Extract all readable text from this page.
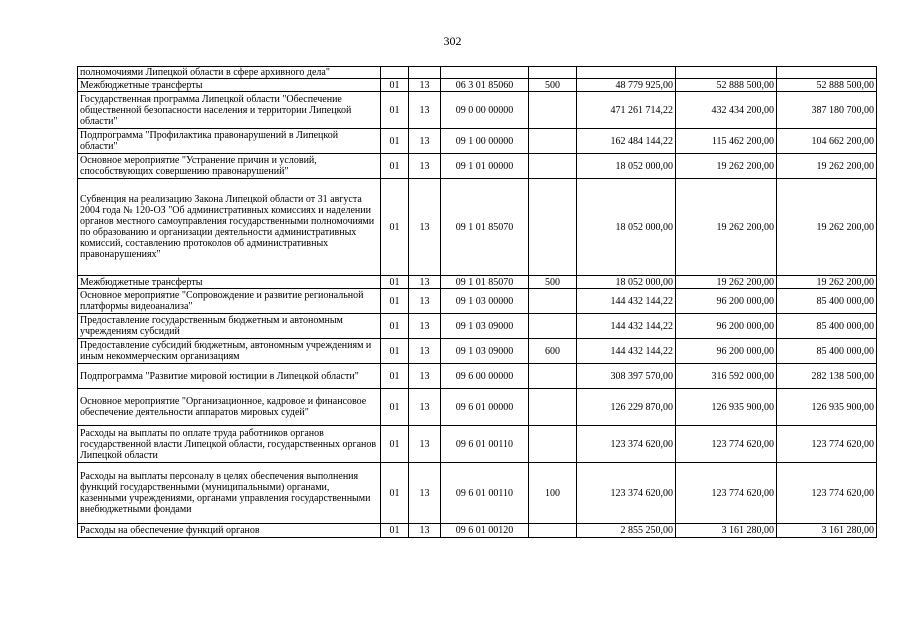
302
полномочиями Липецкой области в сфере архивного дела"							
Межбюджетные трансферты	01	13	06 3 01 85060	500	48 779 925,00	52 888 500,00	52 888 500,00
Государственная программа Липецкой области "Обеспечение общественной безопасности населения и территории Липецкой области"	01	13	09 0 00 00000		471 261 714,22	432 434 200,00	387 180 700,00
Подпрограмма "Профилактика правонарушений в Липецкой области"	01	13	09 1 00 00000		162 484 144,22	115 462 200,00	104 662 200,00
Основное мероприятие "Устранение причин и условий, способствующих совершению правонарушений"	01	13	09 1 01 00000		18 052 000,00	19 262 200,00	19 262 200,00
Субвенция на реализацию Закона Липецкой области от 31 августа 2004 года № 120-ОЗ "Об административных комиссиях и наделении органов местного самоуправления государственными полномочиями по образованию и организации деятельности административных комиссий, составлению протоколов об административных правонарушениях"	01	13	09 1 01 85070		18 052 000,00	19 262 200,00	19 262 200,00
Межбюджетные трансферты	01	13	09 1 01 85070	500	18 052 000,00	19 262 200,00	19 262 200,00
Основное мероприятие "Сопровождение и развитие региональной платформы видеоанализа"	01	13	09 1 03 00000		144 432 144,22	96 200 000,00	85 400 000,00
Предоставление государственным бюджетным и автономным учреждениям субсидий	01	13	09 1 03 09000		144 432 144,22	96 200 000,00	85 400 000,00
Предоставление субсидий бюджетным, автономным учреждениям и иным некоммерческим организациям	01	13	09 1 03 09000	600	144 432 144,22	96 200 000,00	85 400 000,00
Подпрограмма "Развитие мировой юстиции в Липецкой области"	01	13	09 6 00 00000		308 397 570,00	316 592 000,00	282 138 500,00
Основное мероприятие "Организационное, кадровое и финансовое обеспечение деятельности аппаратов мировых судей"	01	13	09 6 01 00000		126 229 870,00	126 935 900,00	126 935 900,00
Расходы на выплаты по оплате труда работников органов государственной власти Липецкой области, государственных органов Липецкой области	01	13	09 6 01 00110		123 374 620,00	123 774 620,00	123 774 620,00
Расходы на выплаты персоналу в целях обеспечения выполнения функций государственными (муниципальными) органами, казенными учреждениями, органами управления государственными внебюджетными фондами	01	13	09 6 01 00110	100	123 374 620,00	123 774 620,00	123 774 620,00
Расходы на обеспечение функций органов	01	13	09 6 01 00120		2 855 250,00	3 161 280,00	3 161 280,00
